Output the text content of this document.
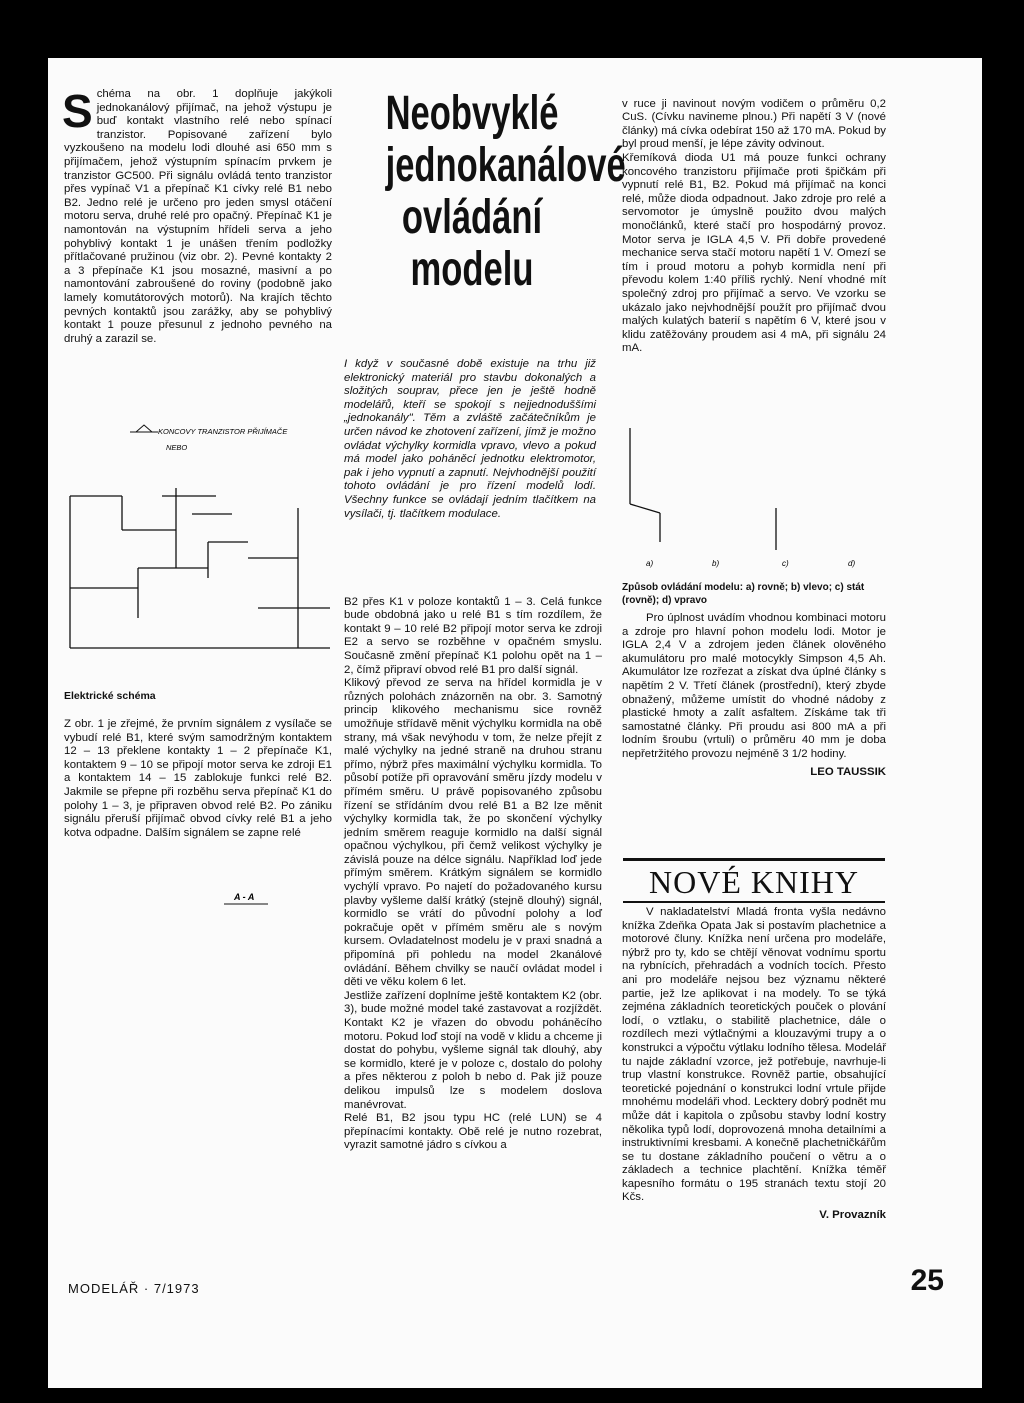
Schéma na obr. 1 doplňuje jakýkoli jednokanálový přijímač, na jehož výstupu je buď kontakt vlastního relé nebo spínací tranzistor. Popisované zařízení bylo vyzkoušeno na modelu lodi dlouhé asi 650 mm s přijímačem, jehož výstupním spínacím prvkem je tranzistor GC500. Při signálu ovládá tento tranzistor přes vypínač V1 a přepínač K1 cívky relé B1 nebo B2. Jedno relé je určeno pro jeden smysl otáčení motoru serva, druhé relé pro opačný. Přepínač K1 je namontován na výstupním hřídeli serva a jeho pohyblivý kontakt 1 je unášen třením podložky přítlačované pružinou (viz obr. 2). Pevné kontakty 2 a 3 přepínače K1 jsou mosazné, masivní a po namontování zabroušené do roviny (podobně jako lamely komutátorových motorů). Na krajích těchto pevných kontaktů jsou zarážky, aby se pohyblivý kontakt 1 pouze přesunul z jednoho pevného na druhý a zarazil se.

KONCOVY TRANZISTOR PŘIJÍMAČE
NEBO
Elektrické schéma

Z obr. 1 je zřejmé, že prvním signálem z vysílače se vybudí relé B1, které svým samodržným kontaktem 12 – 13 překlene kontakty 1 – 2 přepínače K1, kontaktem 9 – 10 se připojí motor serva ke zdroji E1 a kontaktem 14 – 15 zablokuje funkci relé B2. Jakmile se přepne při rozběhu serva přepínač K1 do polohy 1 – 3, je připraven obvod relé B2. Po zániku signálu přeruší přijímač obvod cívky relé B1 a jeho kotva odpadne. Dalším signálem se zapne relé

A - A
Neobvyklé
jednokanálové
ovládání
modelu
I když v současné době existuje na trhu již elektronický materiál pro stavbu dokonalých a složitých souprav, přece jen je ještě hodně modelářů, kteří se spokojí s nejjednoduššími „jednokanály". Těm a zvláště začátečníkům je určen návod ke zhotovení zařízení, jímž je možno ovládat výchylky kormidla vpravo, vlevo a pokud má model jako poháněcí jednotku elektromotor, pak i jeho vypnutí a zapnutí. Nejvhodnější použití tohoto ovládání je pro řízení modelů lodí. Všechny funkce se ovládají jedním tlačítkem na vysílači, tj. tlačítkem modulace.

B2 přes K1 v poloze kontaktů 1 – 3. Celá funkce bude obdobná jako u relé B1 s tím rozdílem, že kontakt 9 – 10 relé B2 připojí motor serva ke zdroji E2 a servo se rozběhne v opačném smyslu. Současně změní přepínač K1 polohu opět na 1 – 2, čímž připraví obvod relé B1 pro další signál.
Klikový převod ze serva na hřídel kormidla je v různých polohách znázorněn na obr. 3. Samotný princip klikového mechanismu sice rovněž umožňuje střídavě měnit výchylku kormidla na obě strany, má však nevýhodu v tom, že nelze přejít z malé výchylky na jedné straně na druhou stranu přímo, nýbrž přes maximální výchylku kormidla. To působí potíže při opravování směru jízdy modelu v přímém směru. U právě popisovaného způsobu řízení se střídáním dvou relé B1 a B2 lze měnit výchylky kormidla tak, že po skončení výchylky jedním směrem reaguje kormidlo na další signál opačnou výchylkou, při čemž velikost výchylky je závislá pouze na délce signálu. Například loď jede přímým směrem. Krátkým signálem se kormidlo vychýlí vpravo. Po najetí do požadovaného kursu plavby vyšleme další krátký (stejně dlouhý) signál, kormidlo se vrátí do původní polohy a loď pokračuje opět v přímém směru ale s novým kursem. Ovladatelnost modelu je v praxi snadná a připomíná při pohledu na model 2kanálové ovládání. Během chvilky se naučí ovládat model i děti ve věku kolem 6 let.
Jestliže zařízení doplníme ještě kontaktem K2 (obr. 3), bude možné model také zastavovat a rozjíždět. Kontakt K2 je vřazen do obvodu poháněcího motoru. Pokud loď stojí na vodě v klidu a chceme ji dostat do pohybu, vyšleme signál tak dlouhý, aby se kormidlo, které je v poloze c, dostalo do polohy a přes některou z poloh b nebo d. Pak již pouze delikou impulsů lze s modelem doslova manévrovat.
Relé B1, B2 jsou typu HC (relé LUN) se 4 přepínacími kontakty. Obě relé je nutno rozebrat, vyrazit samotné jádro s cívkou a

v ruce ji navinout novým vodičem o průměru 0,2 CuS. (Cívku navineme plnou.) Při napětí 3 V (nové články) má cívka odebírat 150 až 170 mA. Pokud by byl proud menší, je lépe závity odvinout.
Křemíková dioda U1 má pouze funkci ochrany koncového tranzistoru přijímače proti špičkám při vypnutí relé B1, B2. Pokud má přijímač na konci relé, může dioda odpadnout. Jako zdroje pro relé a servomotor je úmyslně použito dvou malých monočlánků, které stačí pro hospodárný provoz. Motor serva je IGLA 4,5 V. Při dobře provedené mechanice serva stačí motoru napětí 1 V. Omezí se tím i proud motoru a pohyb kormidla není při převodu kolem 1:40 příliš rychlý. Není vhodné mít společný zdroj pro přijímač a servo. Ve vzorku se ukázalo jako nejvhodnější použít pro přijímač dvou malých kulatých baterií s napětím 6 V, které jsou v klidu zatěžovány proudem asi 4 mA, při signálu 24 mA.

a)	b)	c)	d)
Způsob ovládání modelu: a) rovně; b) vlevo; c) stát (rovně); d) vpravo

Pro úplnost uvádím vhodnou kombinaci motoru a zdroje pro hlavní pohon modelu lodi. Motor je IGLA 2,4 V a zdrojem jeden článek olověného akumulátoru pro malé motocykly Simpson 4,5 Ah. Akumulátor lze rozřezat a získat dva úplné články s napětím 2 V. Třetí článek (prostřední), který zbyde obnažený, můžeme umístit do vhodné nádoby z plastické hmoty a zalít asfaltem. Získáme tak tři samostatné články. Při proudu asi 800 mA a při lodním šroubu (vrtuli) o průměru 40 mm je doba nepřetržitého provozu nejméně 3 1/2 hodiny.

LEO TAUSSIK
NOVÉ KNIHY

V nakladatelství Mladá fronta vyšla nedávno knížka Zdeňka Opata Jak si postavím plachetnice a motorové čluny. Knížka není určena pro modeláře, nýbrž pro ty, kdo se chtějí věnovat vodnímu sportu na rybnících, přehradách a vodních tocích. Přesto ani pro modeláře nejsou bez významu některé partie, jež lze aplikovat i na modely. To se týká zejména základních teoretických pouček o plování lodí, o vztlaku, o stabilitě plachetnice, dále o rozdílech mezi výtlačnými a klouzavými trupy a o konstrukci a výpočtu výtlaku lodního tělesa. Modelář tu najde základní vzorce, jež potřebuje, navrhuje-li trup vlastní konstrukce. Rovněž partie, obsahující teoretické pojednání o konstrukci lodní vrtule přijde mnohému modeláři vhod. Lecktery dobrý podnět mu může dát i kapitola o způsobu stavby lodní kostry několika typů lodí, doprovozená mnoha detailními a instruktivními kresbami. A konečně plachetničkářům se tu dostane základního poučení o větru a o základech a technice plachtění. Knížka téměř kapesního formátu o 195 stranách textu stojí 20 Kčs.

V. Provazník
MODELÁŘ · 7/1973	25
